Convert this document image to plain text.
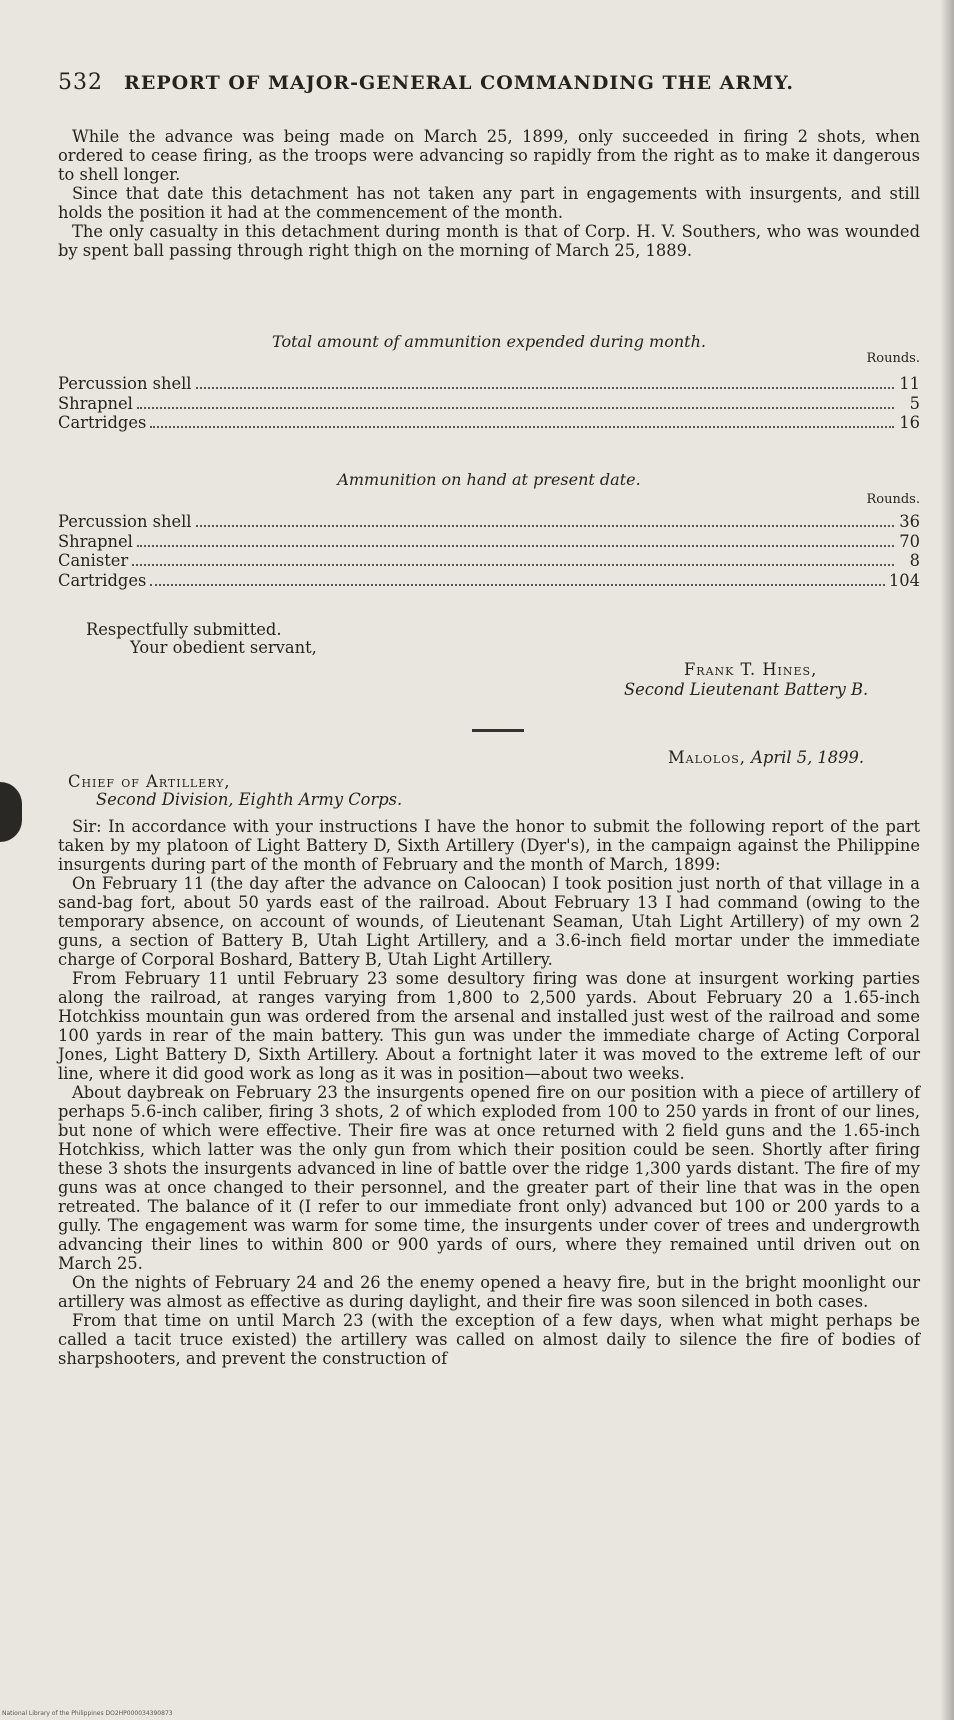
532 REPORT OF MAJOR-GENERAL COMMANDING THE ARMY.

While the advance was being made on March 25, 1899, only succeeded in firing 2 shots, when ordered to cease firing, as the troops were advancing so rapidly from the right as to make it dangerous to shell longer.

Since that date this detachment has not taken any part in engagements with insurgents, and still holds the position it had at the commencement of the month.

The only casualty in this detachment during month is that of Corp. H. V. Southers, who was wounded by spent ball passing through right thigh on the morning of March 25, 1889.

Total amount of ammunition expended during month.
Rounds.
Percussion shell	11
Shrapnel	5
Cartridges	16
Ammunition on hand at present date.
Rounds.
Percussion shell	36
Shrapnel	70
Canister	8
Cartridges	104
Respectfully submitted.
Your obedient servant,
Frank T. Hines,
Second Lieutenant Battery B.
Malolos, April 5, 1899.
Chief of Artillery,
Second Division, Eighth Army Corps.

Sir: In accordance with your instructions I have the honor to submit the following report of the part taken by my platoon of Light Battery D, Sixth Artillery (Dyer's), in the campaign against the Philippine insurgents during part of the month of February and the month of March, 1899:

On February 11 (the day after the advance on Caloocan) I took position just north of that village in a sand-bag fort, about 50 yards east of the railroad. About February 13 I had command (owing to the temporary absence, on account of wounds, of Lieutenant Seaman, Utah Light Artillery) of my own 2 guns, a section of Battery B, Utah Light Artillery, and a 3.6-inch field mortar under the immediate charge of Corporal Boshard, Battery B, Utah Light Artillery.

From February 11 until February 23 some desultory firing was done at insurgent working parties along the railroad, at ranges varying from 1,800 to 2,500 yards. About February 20 a 1.65-inch Hotchkiss mountain gun was ordered from the arsenal and installed just west of the railroad and some 100 yards in rear of the main battery. This gun was under the immediate charge of Acting Corporal Jones, Light Battery D, Sixth Artillery. About a fortnight later it was moved to the extreme left of our line, where it did good work as long as it was in position—about two weeks.

About daybreak on February 23 the insurgents opened fire on our position with a piece of artillery of perhaps 5.6-inch caliber, firing 3 shots, 2 of which exploded from 100 to 250 yards in front of our lines, but none of which were effective. Their fire was at once returned with 2 field guns and the 1.65-inch Hotchkiss, which latter was the only gun from which their position could be seen. Shortly after firing these 3 shots the insurgents advanced in line of battle over the ridge 1,300 yards distant. The fire of my guns was at once changed to their personnel, and the greater part of their line that was in the open retreated. The balance of it (I refer to our immediate front only) advanced but 100 or 200 yards to a gully. The engagement was warm for some time, the insurgents under cover of trees and undergrowth advancing their lines to within 800 or 900 yards of ours, where they remained until driven out on March 25.

On the nights of February 24 and 26 the enemy opened a heavy fire, but in the bright moonlight our artillery was almost as effective as during daylight, and their fire was soon silenced in both cases.

From that time on until March 23 (with the exception of a few days, when what might perhaps be called a tacit truce existed) the artillery was called on almost daily to silence the fire of bodies of sharpshooters, and prevent the construction of

National Library of the Philippines DO2HP000034390873
